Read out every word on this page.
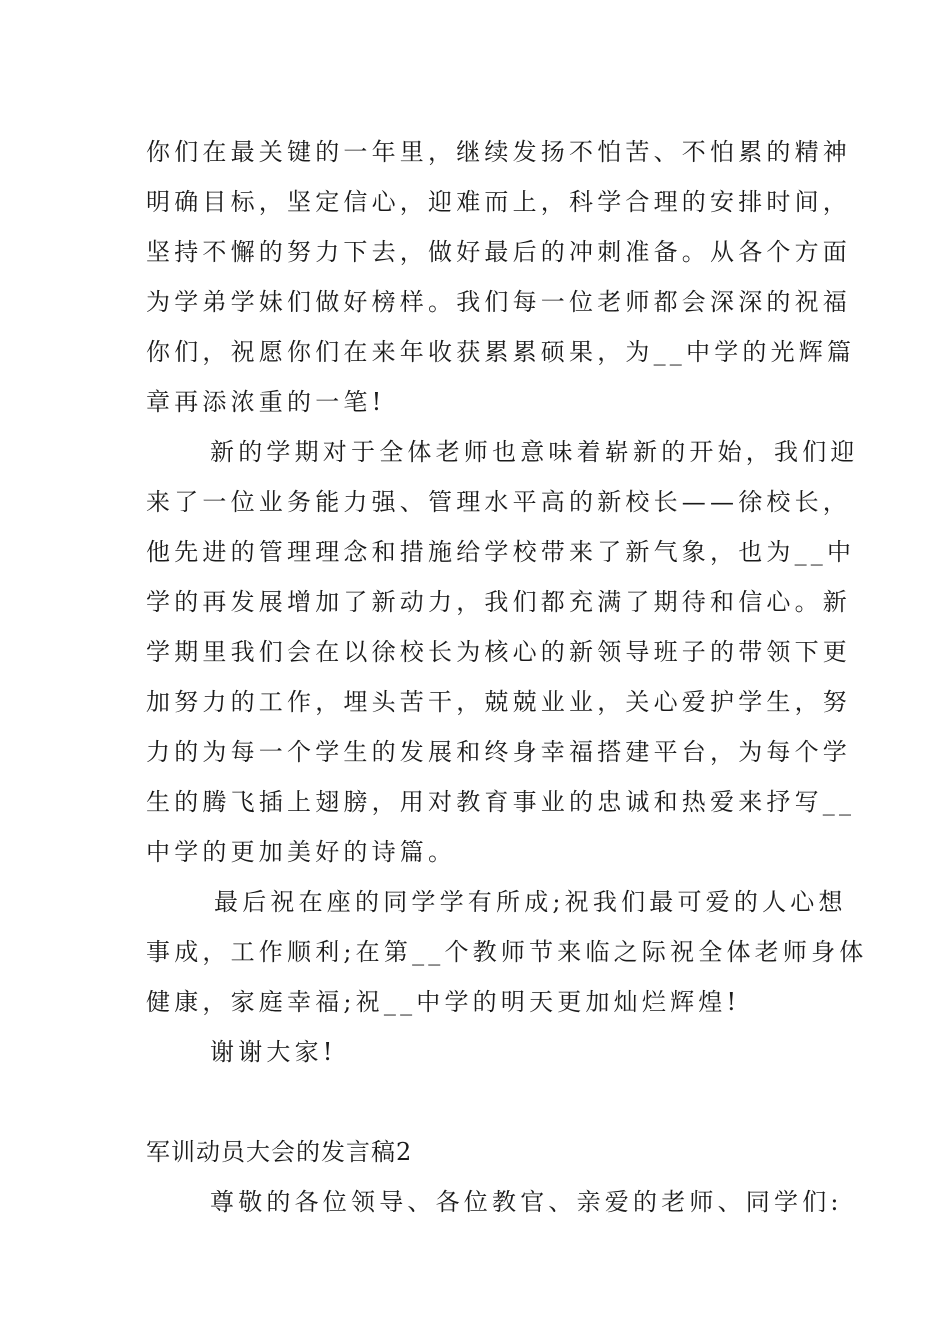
你们在最关键的一年里，继续发扬不怕苦、不怕累的精神
明确目标，坚定信心，迎难而上，科学合理的安排时间，
坚持不懈的努力下去，做好最后的冲刺准备。从各个方面
为学弟学妹们做好榜样。我们每一位老师都会深深的祝福
你们，祝愿你们在来年收获累累硕果，为__中学的光辉篇
章再添浓重的一笔!
新的学期对于全体老师也意味着崭新的开始，我们迎
来了一位业务能力强、管理水平高的新校长——徐校长，
他先进的管理理念和措施给学校带来了新气象，也为__中
学的再发展增加了新动力，我们都充满了期待和信心。新
学期里我们会在以徐校长为核心的新领导班子的带领下更
加努力的工作，埋头苦干，兢兢业业，关心爱护学生，努
力的为每一个学生的发展和终身幸福搭建平台，为每个学
生的腾飞插上翅膀，用对教育事业的忠诚和热爱来抒写__
中学的更加美好的诗篇。
最后祝在座的同学学有所成;祝我们最可爱的人心想
事成，工作顺利;在第__个教师节来临之际祝全体老师身体
健康，家庭幸福;祝__中学的明天更加灿烂辉煌!
谢谢大家!
军训动员大会的发言稿2
尊敬的各位领导、各位教官、亲爱的老师、同学们:
